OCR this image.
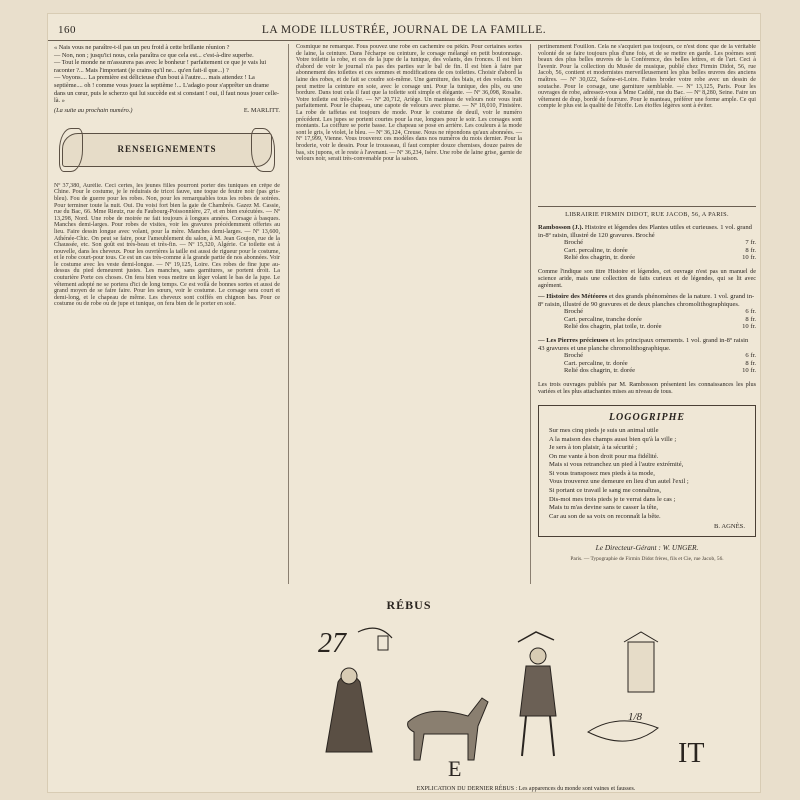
160	LA MODE ILLUSTRÉE, JOURNAL DE LA FAMILLE.

« Nais vous ne paraître-t-il pas un peu froid à cette brillante réunion ?

— Non, non ; jusqu'ici nous, cela paraîtra ce que cela est... c'est-à-dire superbe.

— Tout le monde ne m'assurera pas avec le bonheur ! parfaitement ce que je vais lui raconter ?... Mais l'important (je crains qu'il ne... qu'en fait-il que...) ?

— Voyons.... La première est délicieuse d'un bout à l'autre.... mais attendez ! La septième.... oh ! comme vous jouez la septième !... L'adagio pour s'apprêter un drame dans un cœur, puis le scherzo qui lui succède est si constant ! oui, il faut nous jouer celle-là. »

(La suite au prochain numéro.)	E. MARLITT.
RENSEIGNEMENTS

Nº 37,380, Aurélie. Ceci certes, les jeunes filles pourront porter des tuniques en crêpe de Chine. Pour le costume, je le réduirais de tricot fauve, une toque de feutre noir (pas gris-bleu). Fou de guerre pour les robes. Non, pour les remarquables tous les robes de soirées. Pour terminer toute la nuit. Oui. Du voisi fort bien la gaie de Chambrés. Gazez M. Cassie, rue du Bac, 66. Mme Rieutz, rue du Faubourg-Poissonnière, 27, et en bien exécutées. — Nº 13,298, Nord. Une robe de moirée ne fait toujours à longues années. Corsage à basques. Manches demi-larges. Pour robes de visites, voir les gravures précédemment offertes au lieu. Faire dessin longue avec volant, pour la mère. Manches demi-larges. — Nº 13,600, Athénée-Chic. On peut se faire, pour l'ameublement du salon, à M. Jean Goujon, rue de la Chaussée, etc. Son goût est très-beau et très-fin. — Nº 15,320, Algérie. Ce toilette est à nouvelle, dans les cheveux. Pour les ouvrières la taille est aussi de rigueur pour le costume, et le robe court-pour tous. Ce est un cas très-comme à la grande partie de nos abonnées. Voir le costume avec les veste demi-longue. — Nº 19,125, Loire. Ces robes de fine jupe au-dessus du pied demeurent justes. Les manches, sans garnitures, se portent droit. La couturière Porte ces choses. On fera bien vous mettre un léger volant le bas de la jupe. Le vêtement adopté ne se portera d'ici de long temps. Ce est voilà de bonnes sortes et aussi de grand moyen de se faire faire. Pour les sœurs, voir le costume. Le corsage sera court et demi-long, et le chapeau de même. Les cheveux sont coiffés en chignon bas. Pour ce costume ou de robe ou de jupe et tunique, on fera bien de le porter en soie.

Cosmique ne remarque. Fous pouvez une robe en cachemire ou pékin. Pour certaines sortes de laine, la ceinture. Dans l'écharpe ou ceinture, le corsage mélangé en petit boutonnage. Votre toilette la robe, et ces de la jupe de la tunique, des volants, des fronces. Il est bien d'abord de voir le journal n'a pas des parties sur le bal de fin. Il est bien à faire par abonnement des toilettes et ces sommes et modifications de ces toilettes. Choisir d'abord la laine des robes, et de fait se coudre soi-même. Une garniture, des biais, et des volants. On peut mettre la ceinture en soie, avec le corsage uni. Pour la tunique, des plis, ou une bordure. Dans tout cela il faut que la toilette soit simple et élégante. — Nº 36,098, Rosalie. Votre toilette est très-jolie. — Nº 20,712, Ariège. Un manteau de velours noir vous irait parfaitement. Pour le chapeau, une capote de velours avec plume. — Nº 18,010, Finistère. La robe de taffetas est toujours de mode. Pour le costume de deuil, voir le numéro précédent. Les jupes se portent courtes pour la rue, longues pour le soir. Les corsages sont montants. La coiffure se porte basse. Le chapeau se pose en arrière. Les couleurs à la mode sont le gris, le violet, le bleu. — Nº 36,124, Creuse. Nous ne répondons qu'aux abonnées. — Nº 17,999, Vienne. Vous trouverez ces modèles dans nos numéros du mois dernier. Pour la broderie, voir le dessin. Pour le trousseau, il faut compter douze chemises, douze paires de bas, six jupons, et le reste à l'avenant. — Nº 36,234, Isère. Une robe de laine grise, garnie de velours noir, serait très-convenable pour la saison.

pertinemment Fouillon. Cela ne s'acquiert pas toujours, ce n'est donc que de la véritable volonté de se faire toujours plus d'une fois, et de se mettre en garde. Les poèmes sont beaux des plus belles œuvres de la Conférence, des belles lettres, et de l'art. Ceci à l'avenir. Pour la collection du Musée de musique, publié chez Firmin Didot, 56, rue Jacob, 56, contient et modernistes merveilleusement les plus belles œuvres des anciens maîtres. — Nº 30,022, Saône-et-Loire. Faites broder votre robe avec un dessin de soutache. Pour le corsage, une garniture semblable. — Nº 13,125, Paris. Pour les ouvrages de robe, adressez-vous à Mme Caddé, rue du Bac. — Nº 8,280, Seine. Faire un vêtement de drap, bordé de fourrure. Pour le manteau, préférer une forme ample. Ce qui compte le plus est la qualité de l'étoffe. Les étoffes légères sont à éviter.

LIBRAIRIE FIRMIN DIDOT, RUE JACOB, 56, A PARIS.
Rambosson (J.). Histoire et légendes des Plantes utiles et curieuses. 1 vol. grand in-8º raisin, illustré de 120 gravures. Broché
Broché	7 fr.
Cart. percaline, tr. dorée	8 fr.
Relié dos chagrin, tr. dorée	10 fr.

Comme l'indique son titre Histoire et légendes, cet ouvrage n'est pas un manuel de science aride, mais une collection de faits curieux et de légendes, qui se lit avec agrément.

— Histoire des Météores et des grands phénomènes de la nature. 1 vol. grand in-8º raisin, illustré de 90 gravures et de deux planches chromolithographiques.
Broché	6 fr.
Cart. percaline, tranche dorée	8 fr.
Relié dos chagrin, plat toile, tr. dorée	10 fr.
— Les Pierres précieuses et les principaux ornements. 1 vol. grand in-8º raisin 43 gravures et une planche chromolithographique.
Broché	6 fr.
Cart. percaline, tr. dorée	8 fr.
Relié dos chagrin, tr. dorée	10 fr.

Les trois ouvrages publiés par M. Rambosson présentent les connaissances les plus variées et les plus attachantes mises au niveau de tous.

LOGOGRIPHE

Sur mes cinq pieds je suis un animal utile

A la maison des champs aussi bien qu'à la ville ;

Je sers à ton plaisir, à ta sécurité ;

On me vante à bon droit pour ma fidélité.

Mais si vous retranchez un pied à l'autre extrémité,

Si vous transposez mes pieds à ta mode,

Vous trouverez une demeure en lieu d'un autel l'exil ;

Si portant ce travail le sang me connaîtras,

Dis-moi mes trois pieds je te verrai dans le cas ;

Mais tu m'as devine sans te casser la tête,

Car au son de sa voix on reconnaît la bête.

B. AGNÈS.
Le Directeur-Gérant : W. UNGER.
Paris. — Typographie de Firmin Didot frères, fils et Cie, rue Jacob, 56.
RÉBUS
27
E
1/8
IT
EXPLICATION DU DERNIER RÉBUS : Les apparences du monde sont vaines et fausses.
